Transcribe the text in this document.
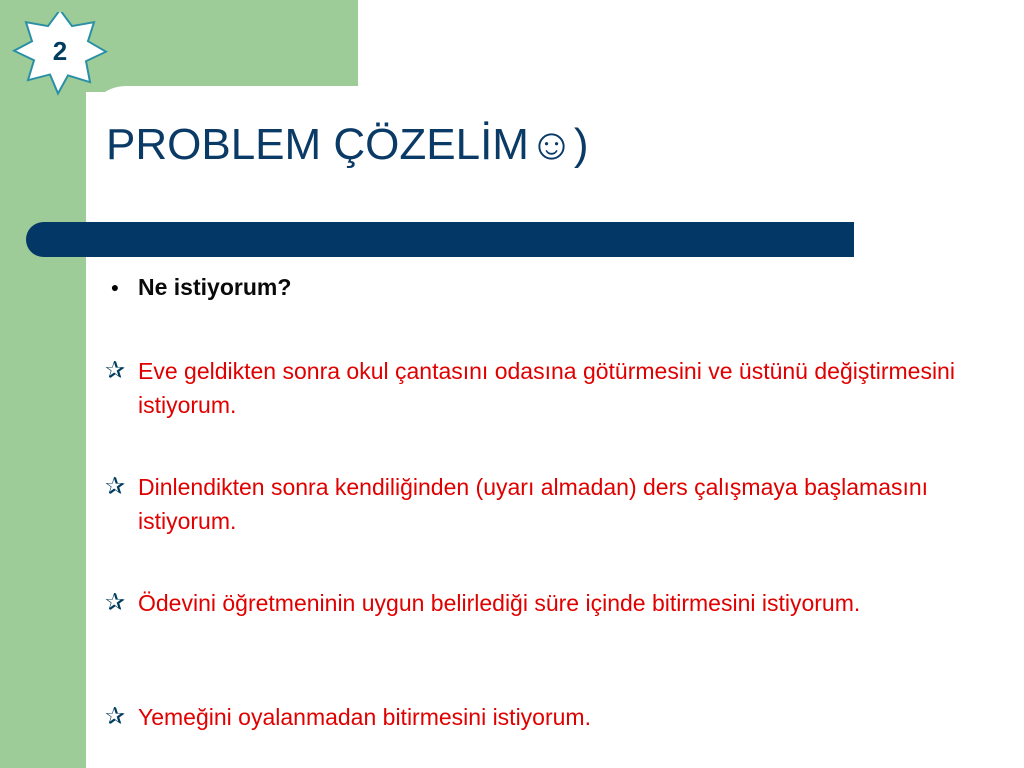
2
PROBLEM ÇÖZELİM☺)
● Ne istiyorum?
✰ Eve geldikten sonra okul çantasını odasına götürmesini ve üstünü değiştirmesini istiyorum.
✰ Dinlendikten sonra kendiliğinden (uyarı almadan) ders çalışmaya başlamasını istiyorum.
✰ Ödevini öğretmeninin uygun belirlediği süre içinde bitirmesini istiyorum.
✰ Yemeğini oyalanmadan bitirmesini istiyorum.
